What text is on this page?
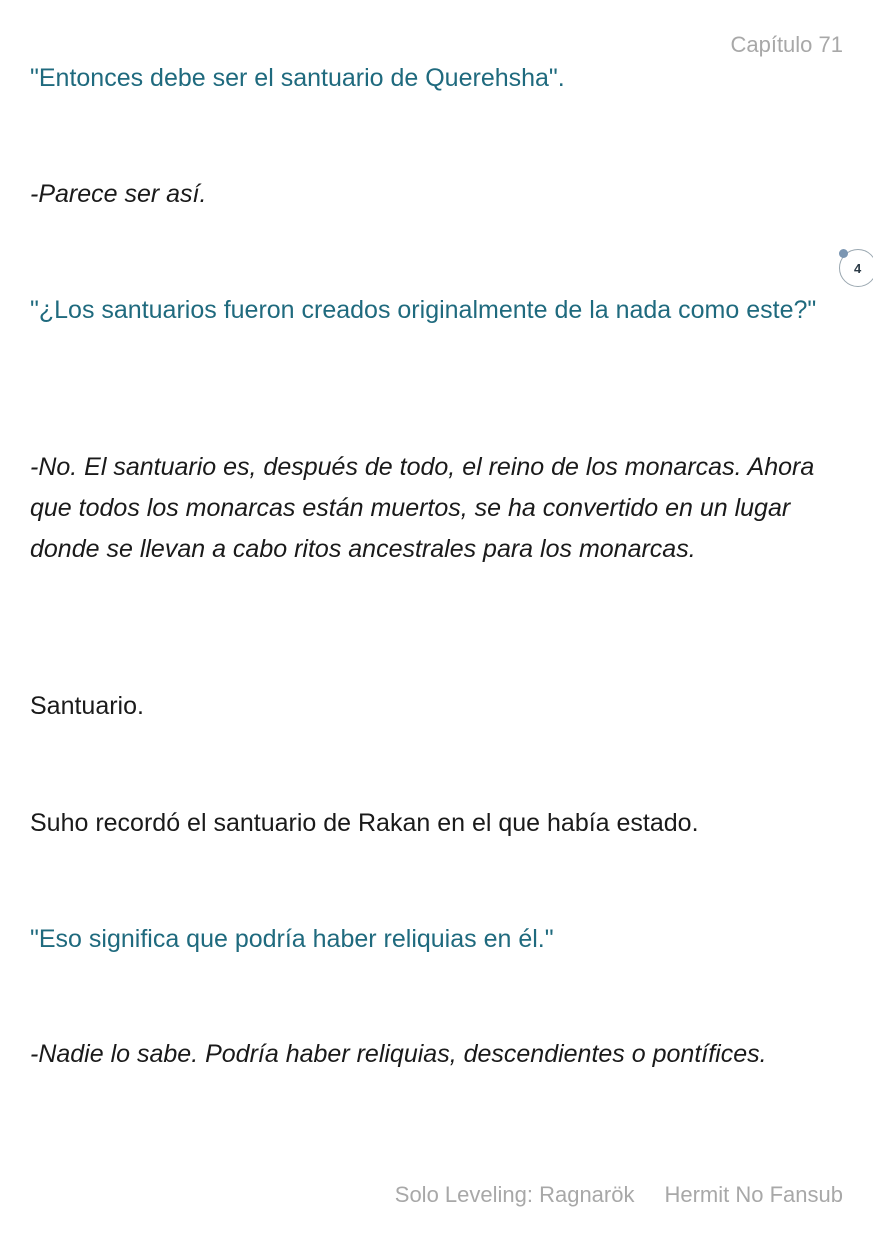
Capítulo 71

"Entonces debe ser el santuario de Querehsha".

-Parece ser así.

4

"¿Los santuarios fueron creados originalmente de la nada como este?"

-No. El santuario es, después de todo, el reino de los monarcas. Ahora que todos los monarcas están muertos, se ha convertido en un lugar donde se llevan a cabo ritos ancestrales para los monarcas.

Santuario.

Suho recordó el santuario de Rakan en el que había estado.

"Eso significa que podría haber reliquias en él."

-Nadie lo sabe. Podría haber reliquias, descendientes o pontífices.

Solo Leveling: Ragnarök Hermit No Fansub
